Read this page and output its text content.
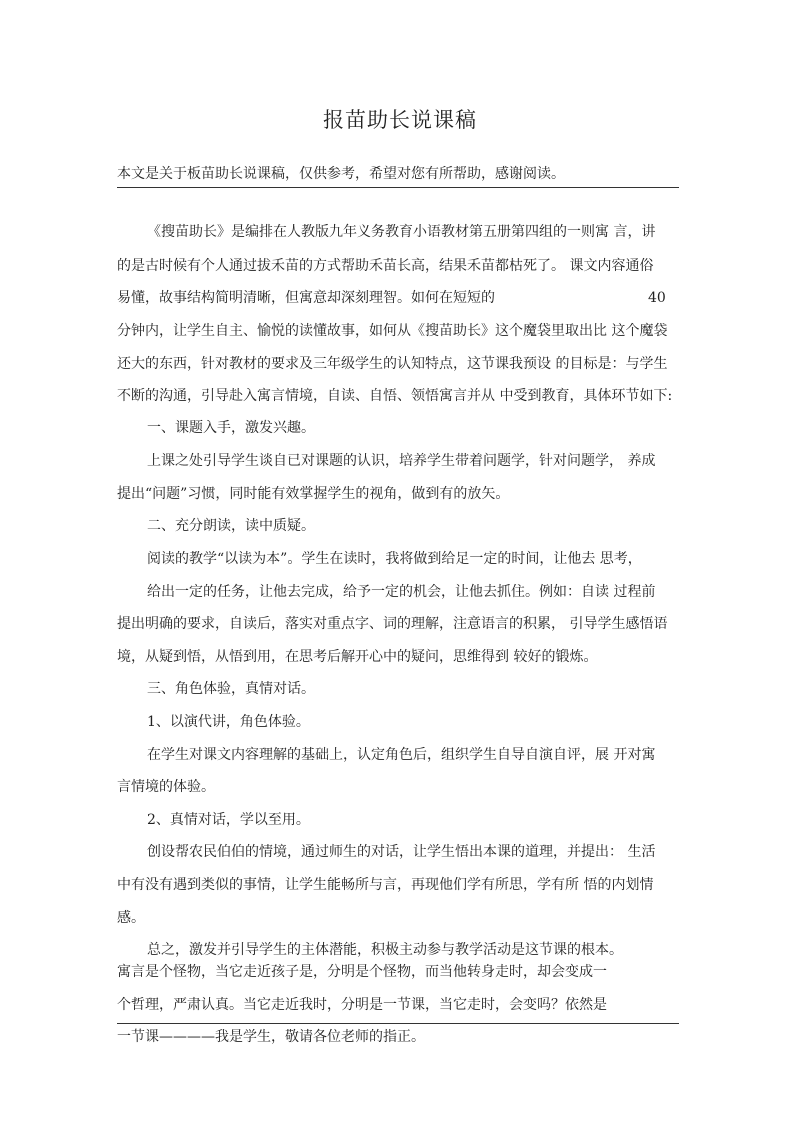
报苗助长说课稿
本文是关于板苗助长说课稿，仅供参考，希望对您有所帮助，感谢阅读。
《搜苗助长》是编排在人教版九年义务教育小语教材第五册第四组的一则寓 言，讲
的是古时候有个人通过拔禾苗的方式帮助禾苗长高，结果禾苗都枯死了。 课文内容通俗
易懂，故事结构简明清晰，但寓意却深刻理智。如何在短短的	40
分钟内，让学生自主、愉悦的读懂故事，如何从《搜苗助长》这个魔袋里取出比 这个魔袋
还大的东西，针对教材的要求及三年级学生的认知特点，这节课我预设 的目标是：与学生
不断的沟通，引导赴入寓言情境，自读、自悟、领悟寓言并从 中受到教育，具体环节如下:
一、课题入手，激发兴趣。
上课之处引导学生谈自已对课题的认识，培养学生带着问题学，针对问题学， 养成
提出“问题”习惯，同时能有效掌握学生的视角，做到有的放矢。
二、充分朗读，读中质疑。
阅读的教学“以读为本”。学生在读时，我将做到给足一定的时间，让他去 思考，
给出一定的任务，让他去完成，给予一定的机会，让他去抓住。例如：自读 过程前
提出明确的要求，自读后，落实对重点字、词的理解，注意语言的积累， 引导学生感悟语
境，从疑到悟，从悟到用，在思考后解开心中的疑问，思维得到 较好的锻炼。
三、角色体验，真情对话。
1、以演代讲，角色体验。
在学生对课文内容理解的基础上，认定角色后，组织学生自导自演自评，展 开对寓
言情境的体验。
2、真情对话，学以至用。
创设帮农民伯伯的情境，通过师生的对话，让学生悟出本课的道理，并提出： 生活
中有没有遇到类似的事情，让学生能畅所与言，再现他们学有所思，学有所 悟的内划情
感。
总之，激发并引导学生的主体潜能，积极主动参与教学活动是这节课的根本。
寓言是个怪物，当它走近孩子是，分明是个怪物，而当他转身走时，却会变成一
个哲理，严肃认真。当它走近我时，分明是一节课，当它走时，会变吗？依然是
一节课————我是学生，敬请各位老师的指正。
